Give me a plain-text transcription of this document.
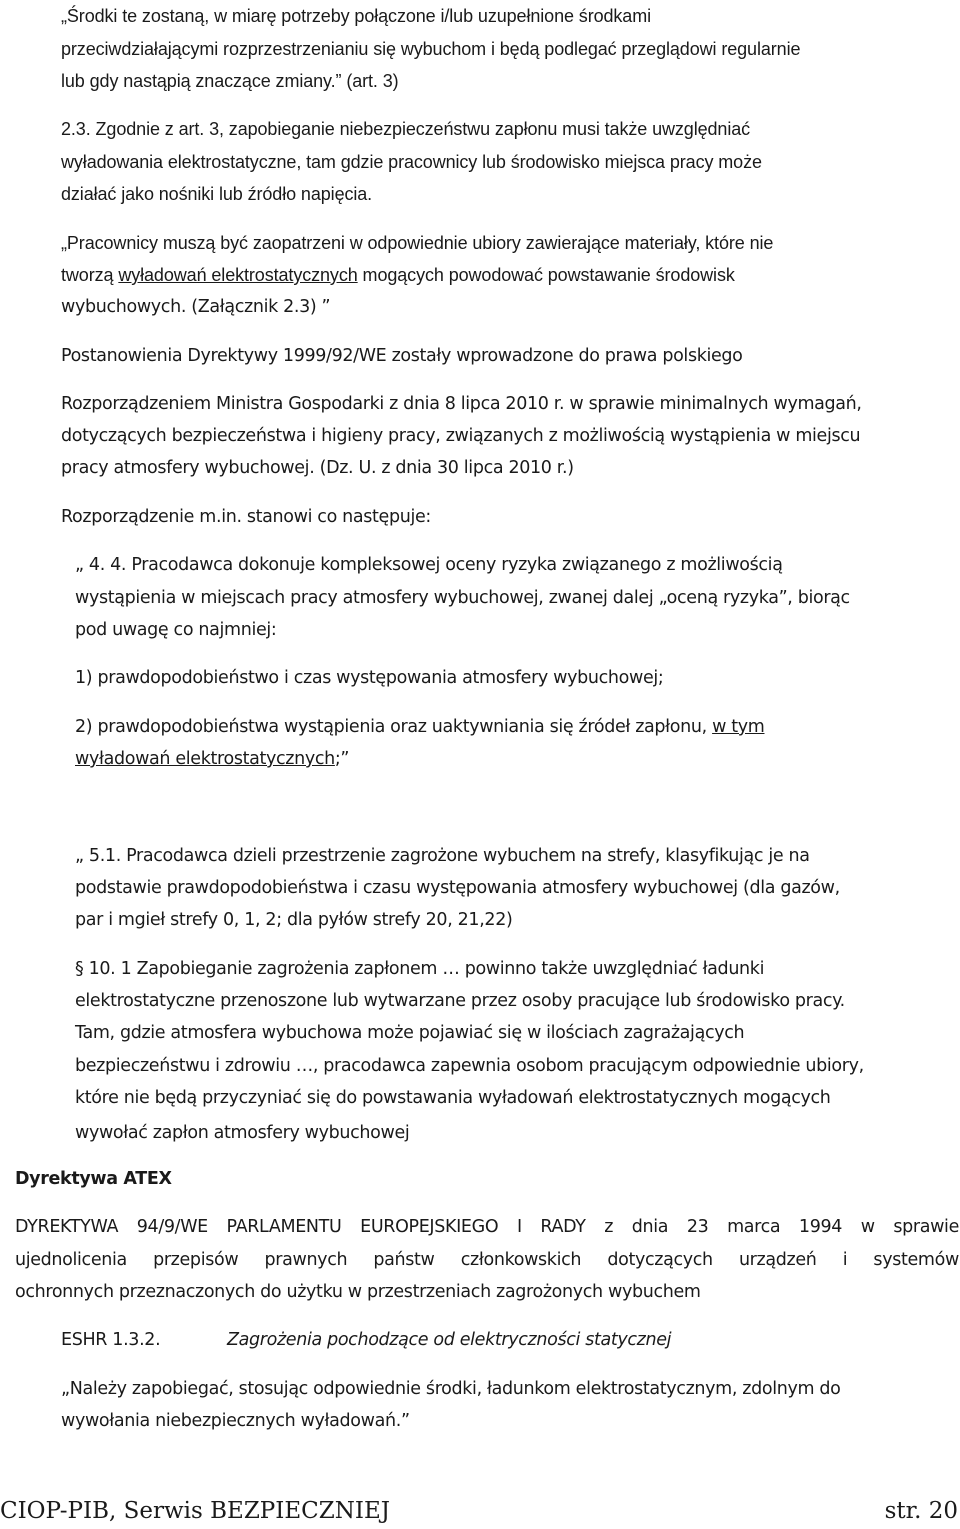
„Środki te zostaną, w miarę potrzeby połączone i/lub uzupełnione środkami
przeciwdziałającymi rozprzestrzenianiu się wybuchom i będą podlegać przeglądowi regularnie
lub gdy nastąpią znaczące zmiany.” (art. 3)
2.3. Zgodnie z art. 3, zapobieganie niebezpieczeństwu zapłonu musi także uwzględniać
wyładowania elektrostatyczne, tam gdzie pracownicy lub środowisko miejsca pracy może
działać jako nośniki lub źródło napięcia.
„Pracownicy muszą być zaopatrzeni w odpowiednie ubiory zawierające materiały, które nie
tworzą wyładowań elektrostatycznych mogących powodować powstawanie środowisk
wybuchowych. (Załącznik 2.3) ”
Postanowienia Dyrektywy 1999/92/WE zostały wprowadzone do prawa polskiego
Rozporządzeniem Ministra Gospodarki z dnia 8 lipca 2010 r. w sprawie minimalnych wymagań,
dotyczących bezpieczeństwa i higieny pracy, związanych z możliwością wystąpienia w miejscu
pracy atmosfery wybuchowej. (Dz. U. z dnia 30 lipca 2010 r.)
Rozporządzenie m.in. stanowi co następuje:
„ 4. 4. Pracodawca dokonuje kompleksowej oceny ryzyka związanego z możliwością
wystąpienia w miejscach pracy atmosfery wybuchowej, zwanej dalej „oceną ryzyka”, biorąc
pod uwagę co najmniej:
1) prawdopodobieństwo i czas występowania atmosfery wybuchowej;
2) prawdopodobieństwa wystąpienia oraz uaktywniania się źródeł zapłonu, w tym
wyładowań elektrostatycznych;”
„ 5.1. Pracodawca dzieli przestrzenie zagrożone wybuchem na strefy, klasyfikując je na
podstawie prawdopodobieństwa i czasu występowania atmosfery wybuchowej (dla gazów,
par i mgieł strefy 0, 1, 2; dla pyłów strefy 20, 21,22)
§ 10. 1 Zapobieganie zagrożenia zapłonem … powinno także uwzględniać ładunki
elektrostatyczne przenoszone lub wytwarzane przez osoby pracujące lub środowisko pracy.
Tam, gdzie atmosfera wybuchowa może pojawiać się w ilościach zagrażających
bezpieczeństwu i zdrowiu …, pracodawca zapewnia osobom pracującym odpowiednie ubiory,
które nie będą przyczyniać się do powstawania wyładowań elektrostatycznych mogących
wywołać zapłon atmosfery wybuchowej
Dyrektywa ATEX
DYREKTYWA 94/9/WE PARLAMENTU EUROPEJSKIEGO I RADY z dnia 23 marca 1994 w sprawie
ujednolicenia przepisów prawnych państw członkowskich dotyczących urządzeń i systemów
ochronnych przeznaczonych do użytku w przestrzeniach zagrożonych wybuchem
ESHR 1.3.2.	Zagrożenia pochodzące od elektryczności statycznej
„Należy zapobiegać, stosując odpowiednie środki, ładunkom elektrostatycznym, zdolnym do
wywołania niebezpiecznych wyładowań.”
CIOP-PIB, Serwis BEZPIECZNIEJ	str. 20
